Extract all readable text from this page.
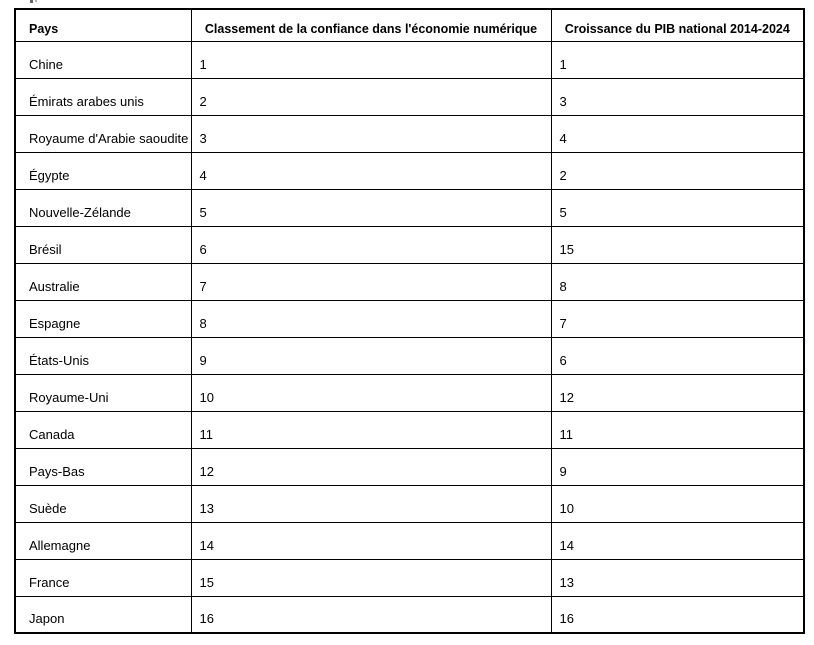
Pays	Classement de la confiance dans l'économie numérique	Croissance du PIB national 2014-2024
Chine	1	1
Émirats arabes unis	2	3
Royaume d'Arabie saoudite	3	4
Égypte	4	2
Nouvelle-Zélande	5	5
Brésil	6	15
Australie	7	8
Espagne	8	7
États-Unis	9	6
Royaume-Uni	10	12
Canada	11	11
Pays-Bas	12	9
Suède	13	10
Allemagne	14	14
France	15	13
Japon	16	16
